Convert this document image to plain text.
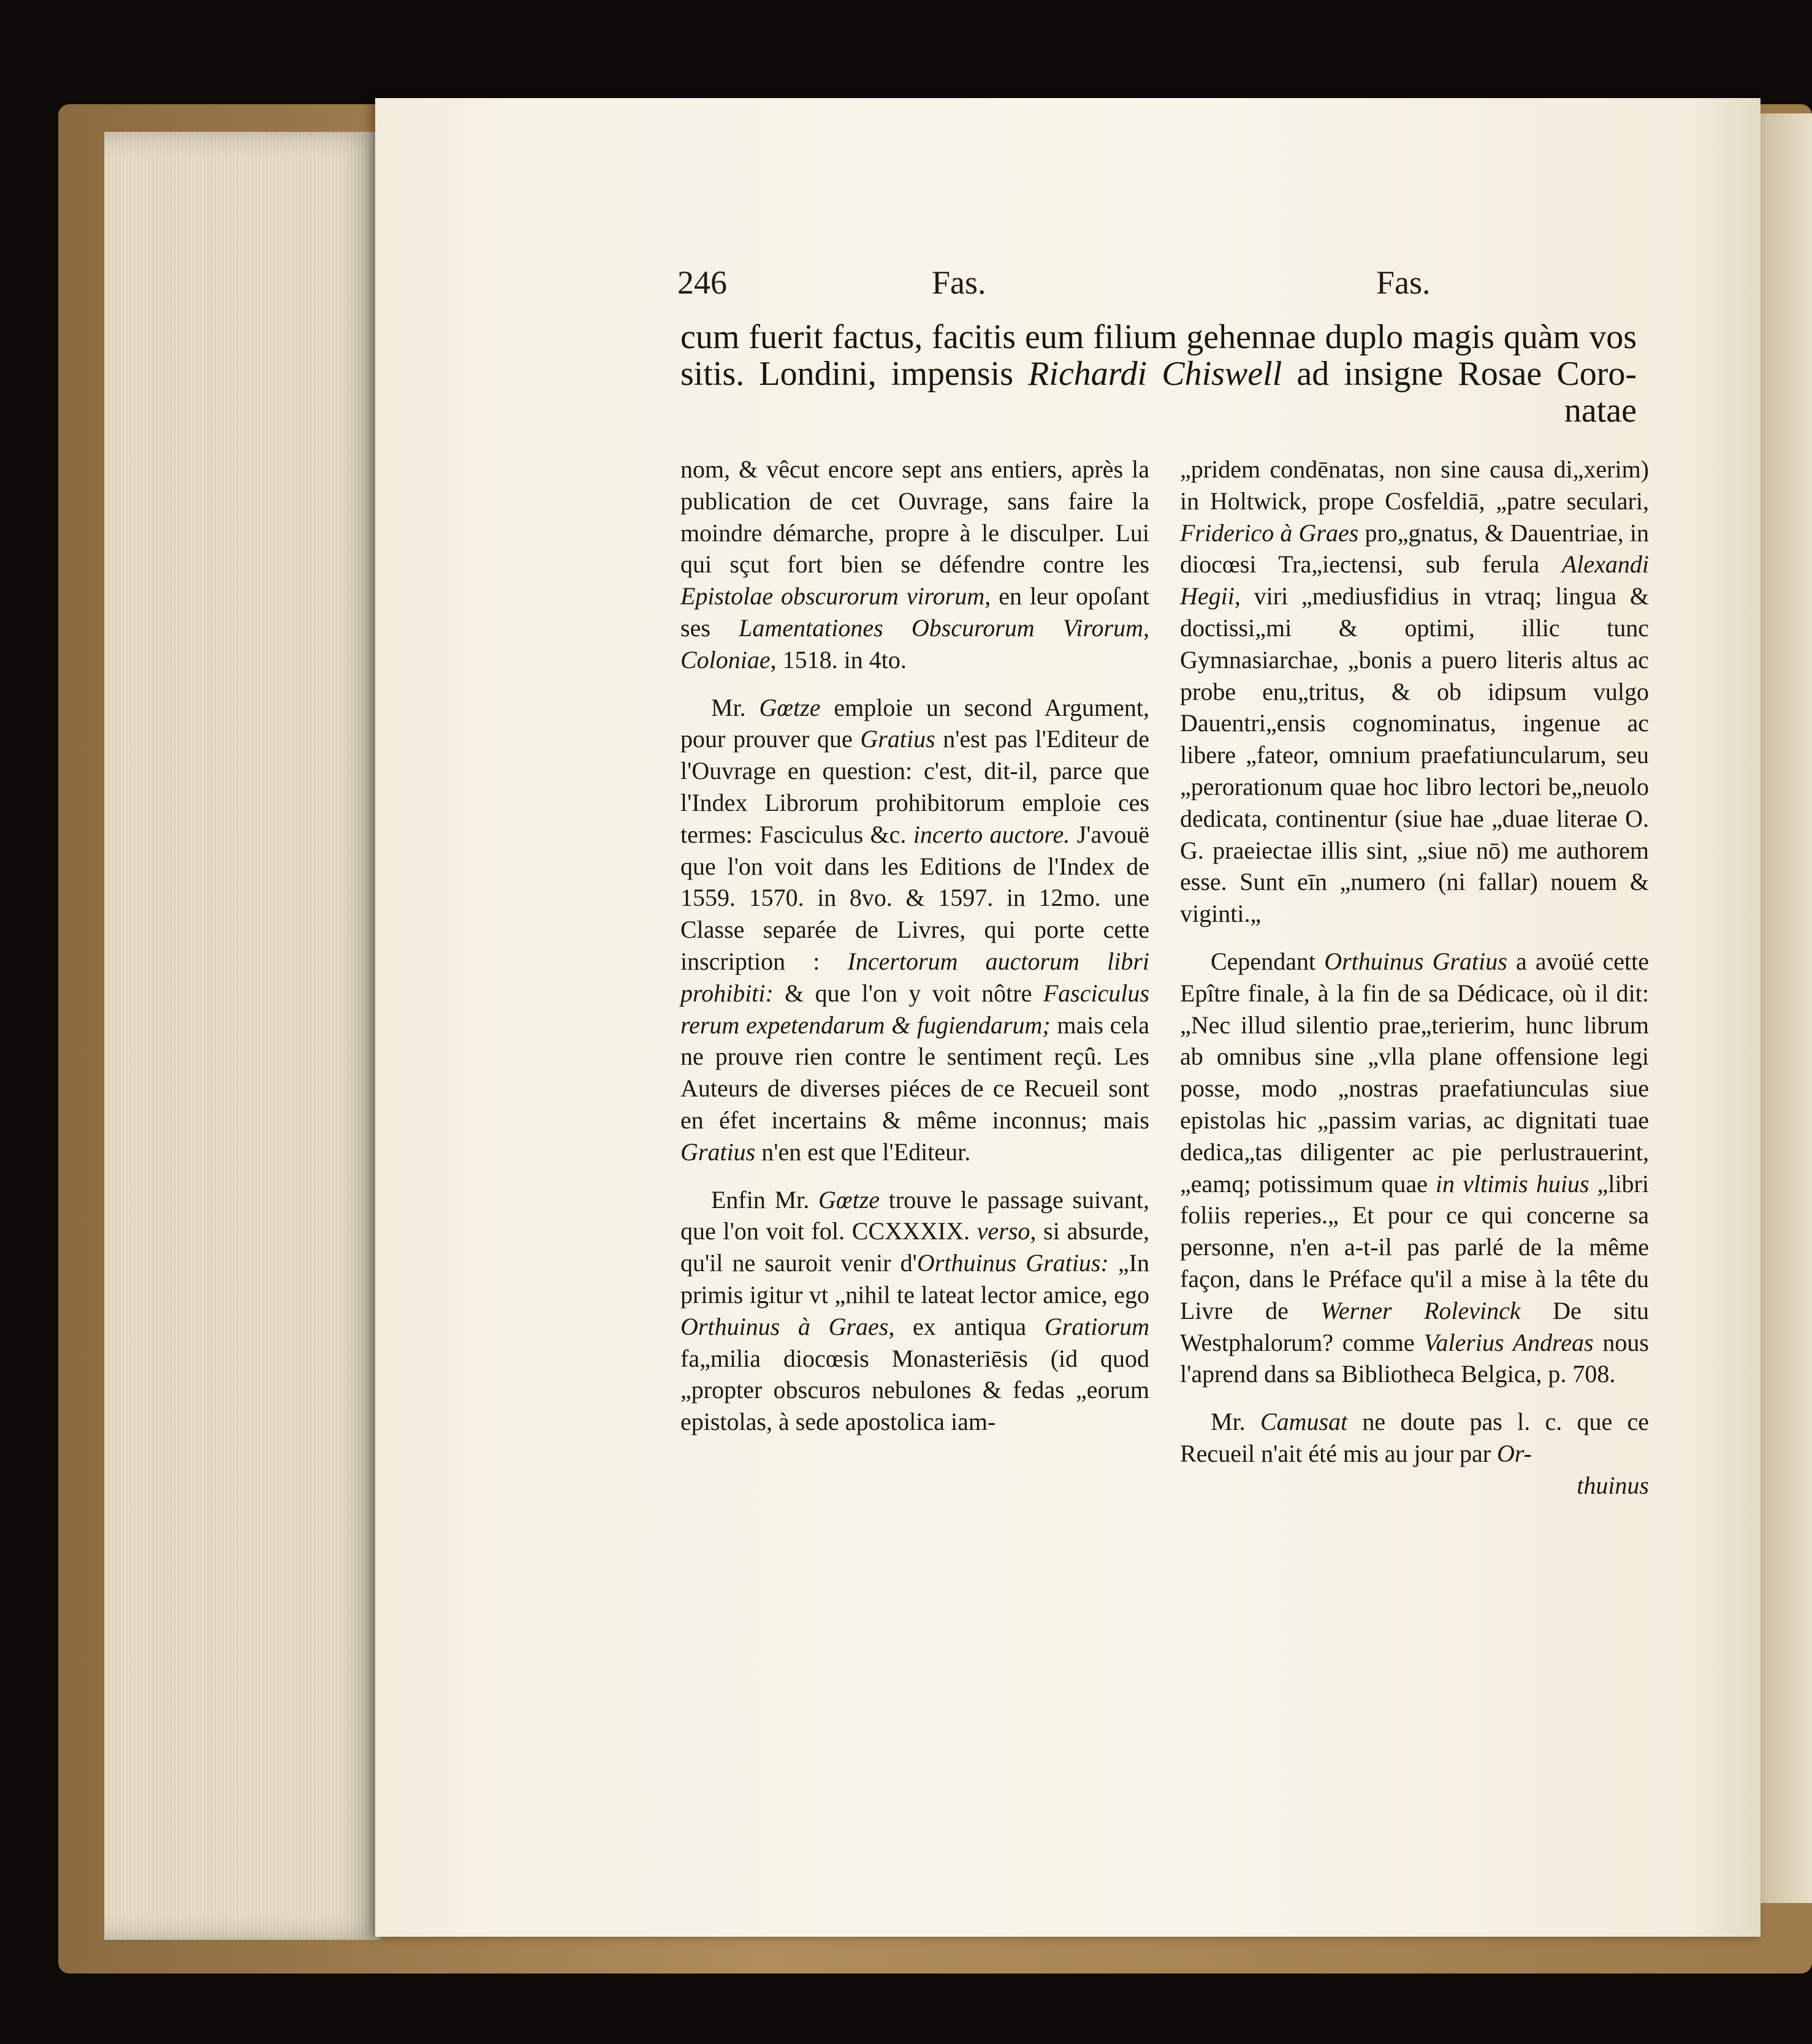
246	Fas.	Fas.
cum fuerit factus, facitis eum filium gehennae duplo magis quàm vos sitis. Londini, impensis Richardi Chiswell ad insigne Rosae Coro-
natae

nom, & vêcut encore sept ans entiers, après la publication de cet Ouvrage, sans faire la moindre démarche, propre à le disculper. Lui qui sçut fort bien se défendre contre les Epistolae obscurorum virorum, en leur opoſant ses Lamentationes Obscurorum Virorum, Coloniae, 1518. in 4to.

Mr. Gœtze emploie un second Argument, pour prouver que Gratius n'est pas l'Editeur de l'Ouvrage en question: c'est, dit-il, parce que l'Index Librorum prohibitorum emploie ces termes: Fasciculus &c. incerto auctore. J'avouë que l'on voit dans les Editions de l'Index de 1559. 1570. in 8vo. & 1597. in 12mo. une Classe separée de Livres, qui porte cette inscription : Incertorum auctorum libri prohibiti: & que l'on y voit nôtre Fasciculus rerum expetendarum & fugiendarum; mais cela ne prouve rien contre le sentiment reçû. Les Auteurs de diverses piéces de ce Recueil sont en éfet incertains & même inconnus; mais Gratius n'en est que l'Editeur.

Enfin Mr. Gœtze trouve le passage suivant, que l'on voit fol. CCXXXIX. verso, si absurde, qu'il ne sauroit venir d'Orthuinus Gratius: „In primis igitur vt „nihil te lateat lector amice, ego Orthuinus à Graes, ex antiqua Gratiorum fa„milia diocœsis Monasteriēsis (id quod „propter obscuros nebulones & fedas „eorum epistolas, à sede apostolica iam-

„pridem condēnatas, non sine causa di„xerim) in Holtwick, prope Cosfeldiā, „patre seculari, Friderico à Graes pro„gnatus, & Dauentriae, in diocœsi Tra„iectensi, sub ferula Alexandi Hegii, viri „mediusfidius in vtraq; lingua & doctissi„mi & optimi, illic tunc Gymnasiarchae, „bonis a puero literis altus ac probe enu„tritus, & ob idipsum vulgo Dauentri„ensis cognominatus, ingenue ac libere „fateor, omnium praefatiuncularum, seu „perorationum quae hoc libro lectori be„neuolo dedicata, continentur (siue hae „duae literae O. G. praeiectae illis sint, „siue nō) me authorem esse. Sunt eīn „numero (ni fallar) nouem & viginti.„

Cependant Orthuinus Gratius a avoüé cette Epître finale, à la fin de sa Dédicace, où il dit: „Nec illud silentio prae„terierim, hunc librum ab omnibus sine „vlla plane offensione legi posse, modo „nostras praefatiunculas siue epistolas hic „passim varias, ac dignitati tuae dedica„tas diligenter ac pie perlustrauerint, „eamq; potissimum quae in vltimis huius „libri foliis reperies.„ Et pour ce qui concerne sa personne, n'en a-t-il pas parlé de la même façon, dans le Préface qu'il a mise à la tête du Livre de Werner Rolevinck De situ Westphalorum? comme Valerius Andreas nous l'aprend dans sa Bibliotheca Belgica, p. 708.

Mr. Camusat ne doute pas l. c. que ce Recueil n'ait été mis au jour par Or-

thuinus
